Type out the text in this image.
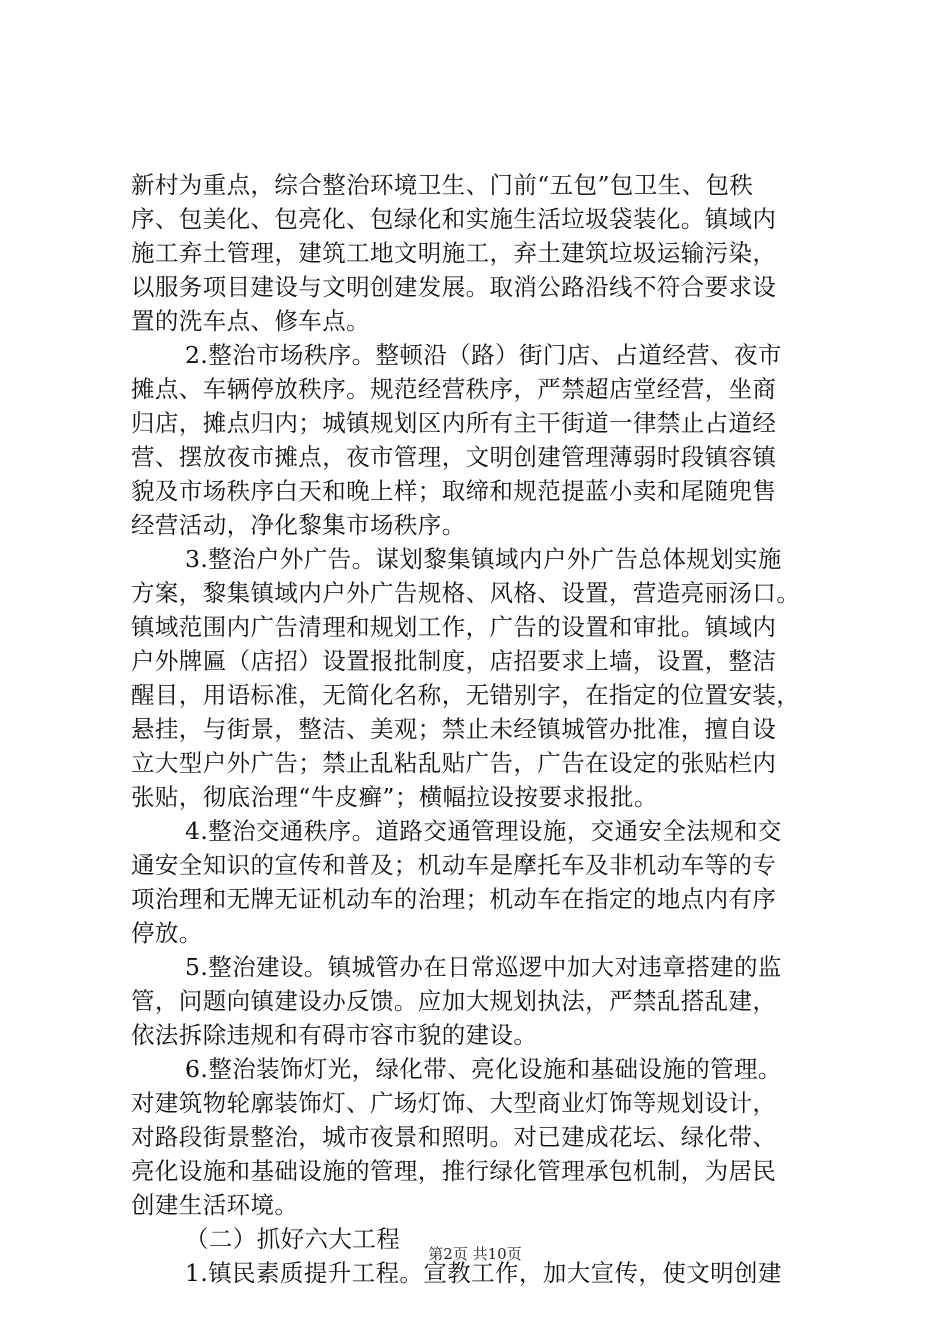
新村为重点，综合整治环境卫生、门前“五包”包卫生、包秩
序、包美化、包亮化、包绿化和实施生活垃圾袋装化。镇域内
施工弃土管理，建筑工地文明施工，弃土建筑垃圾运输污染，
以服务项目建设与文明创建发展。取消公路沿线不符合要求设
置的洗车点、修车点。
2.整治市场秩序。整顿沿（路）街门店、占道经营、夜市
摊点、车辆停放秩序。规范经营秩序，严禁超店堂经营，坐商
归店，摊点归内；城镇规划区内所有主干街道一律禁止占道经
营、摆放夜市摊点，夜市管理，文明创建管理薄弱时段镇容镇
貌及市场秩序白天和晚上样；取缔和规范提蓝小卖和尾随兜售
经营活动，净化黎集市场秩序。
3.整治户外广告。谋划黎集镇域内户外广告总体规划实施
方案，黎集镇域内户外广告规格、风格、设置，营造亮丽汤口。
镇域范围内广告清理和规划工作，广告的设置和审批。镇域内
户外牌匾（店招）设置报批制度，店招要求上墙，设置，整洁
醒目，用语标准，无简化名称，无错别字，在指定的位置安装，
悬挂，与街景，整洁、美观；禁止未经镇城管办批准，擅自设
立大型户外广告；禁止乱粘乱贴广告，广告在设定的张贴栏内
张贴，彻底治理“牛皮癣”；横幅拉设按要求报批。
4.整治交通秩序。道路交通管理设施，交通安全法规和交
通安全知识的宣传和普及；机动车是摩托车及非机动车等的专
项治理和无牌无证机动车的治理；机动车在指定的地点内有序
停放。
5.整治建设。镇城管办在日常巡逻中加大对违章搭建的监
管，问题向镇建设办反馈。应加大规划执法，严禁乱搭乱建，
依法拆除违规和有碍市容市貌的建设。
6.整治装饰灯光，绿化带、亮化设施和基础设施的管理。
对建筑物轮廓装饰灯、广场灯饰、大型商业灯饰等规划设计，
对路段街景整治，城市夜景和照明。对已建成花坛、绿化带、
亮化设施和基础设施的管理，推行绿化管理承包机制，为居民
创建生活环境。
（二）抓好六大工程
1.镇民素质提升工程。宣教工作，加大宣传，使文明创建
第2页 共10页
